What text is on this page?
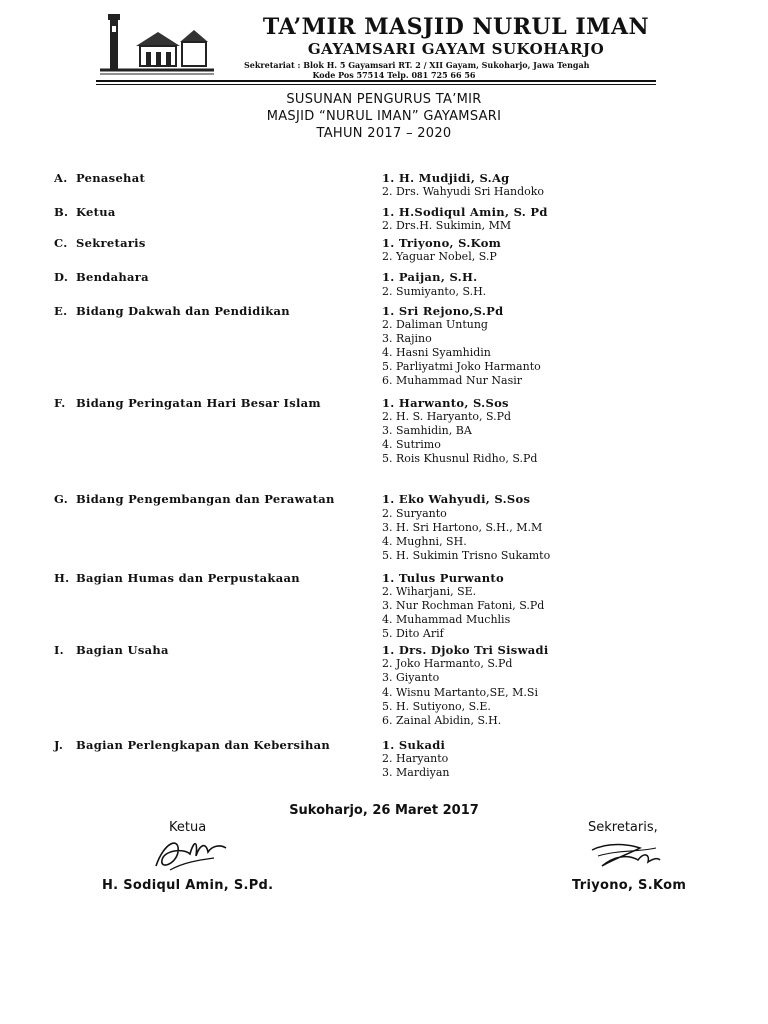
TA’MIR MASJID NURUL IMAN
GAYAMSARI GAYAM SUKOHARJO
Sekretariat : Blok H. 5 Gayamsari RT. 2 / XII Gayam, Sukoharjo, Jawa Tengah
Kode Pos 57514 Telp. 081 725 66 56
SUSUNAN PENGURUS TA’MIR
MASJID “NURUL IMAN” GAYAMSARI
TAHUN 2017 – 2020
A. Penasehat	1. H. Mudjidi, S.Ag
2. Drs. Wahyudi Sri Handoko
B. Ketua	1. H.Sodiqul Amin, S. Pd
2. Drs.H. Sukimin, MM
C. Sekretaris	1. Triyono, S.Kom
2. Yaguar Nobel, S.P
D. Bendahara	1. Paijan, S.H.
2. Sumiyanto, S.H.
E. Bidang Dakwah dan Pendidikan	1. Sri Rejono,S.Pd
2. Daliman Untung
3. Rajino
4. Hasni Syamhidin
5. Parliyatmi Joko Harmanto
6. Muhammad Nur Nasir
F. Bidang Peringatan Hari Besar Islam	1. Harwanto, S.Sos
2. H. S. Haryanto, S.Pd
3. Samhidin, BA
4. Sutrimo
5. Rois Khusnul Ridho, S.Pd
G. Bidang Pengembangan dan Perawatan	1. Eko Wahyudi, S.Sos
2. Suryanto
3. H. Sri Hartono, S.H., M.M
4. Mughni, SH.
5. H. Sukimin Trisno Sukamto
H. Bagian Humas dan Perpustakaan	1. Tulus Purwanto
2. Wiharjani, SE.
3. Nur Rochman Fatoni, S.Pd
4. Muhammad Muchlis
5. Dito Arif
I. Bagian Usaha	1. Drs. Djoko Tri Siswadi
2. Joko Harmanto, S.Pd
3. Giyanto
4. Wisnu Martanto,SE, M.Si
5. H. Sutiyono, S.E.
6. Zainal Abidin, S.H.
J. Bagian Perlengkapan dan Kebersihan	1. Sukadi
2. Haryanto
3. Mardiyan
Sukoharjo, 26 Maret 2017
Ketua	Sekretaris,
H. Sodiqul Amin, S.Pd.	Triyono, S.Kom
